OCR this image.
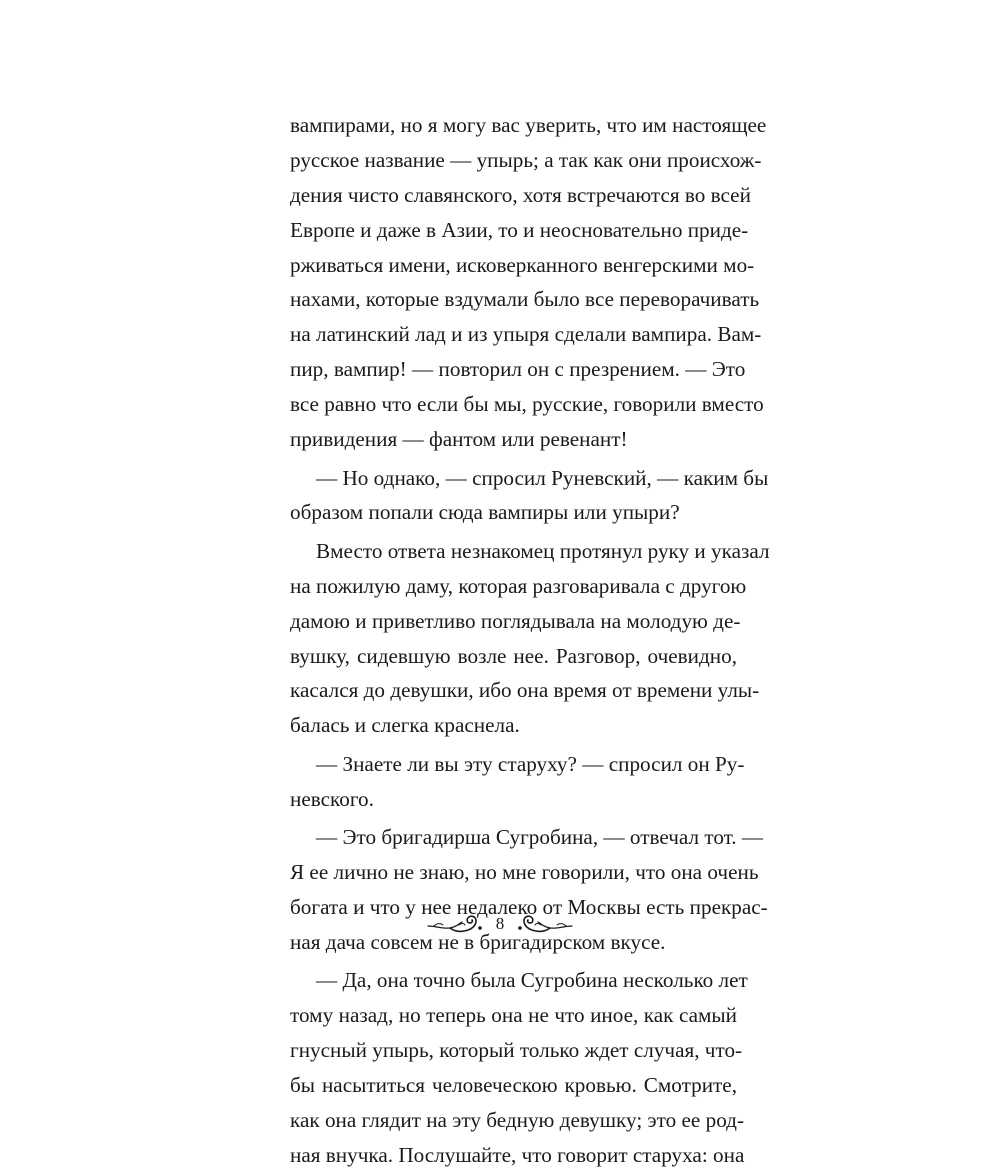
вампирами, но я могу вас уверить, что им настоящее
русское название — упырь; а так как они происхож-
дения чисто славянского, хотя встречаются во всей
Европе и даже в Азии, то и неосновательно приде-
рживаться имени, исковерканного венгерскими мо-
нахами, которые вздумали было все переворачивать
на латинский лад и из упыря сделали вампира. Вам-
пир, вампир! — повторил он с презрением. — Это
все равно что если бы мы, русские, говорили вместо
привидения — фантом или ревенант!
— Но однако, — спросил Руневский, — каким бы
образом попали сюда вампиры или упыри?
Вместо ответа незнакомец протянул руку и указал
на пожилую даму, которая разговаривала с другою
дамою и приветливо поглядывала на молодую де-
вушку, сидевшую возле нее. Разговор, очевидно,
касался до девушки, ибо она время от времени улы-
балась и слегка краснела.
— Знаете ли вы эту старуху? — спросил он Ру-
невского.
— Это бригадирша Сугробина, — отвечал тот. —
Я ее лично не знаю, но мне говорили, что она очень
богата и что у нее недалеко от Москвы есть прекрас-
ная дача совсем не в бригадирском вкусе.
— Да, она точно была Сугробина несколько лет
тому назад, но теперь она не что иное, как самый
гнусный упырь, который только ждет случая, что-
бы насытиться человеческою кровью. Смотрите,
как она глядит на эту бедную девушку; это ее род-
ная внучка. Послушайте, что говорит старуха: она
8
